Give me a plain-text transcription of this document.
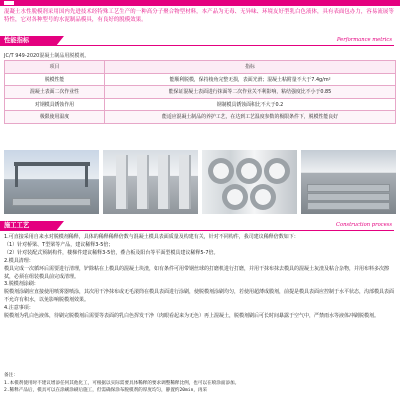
混凝土水性脱模剂采用国内先进技术经特殊工艺生产的一种高分子聚合物型材料，本产品为无毒、无异味、环境友好型乳白色液体，具有表面包办力，容易流展等特性，它对各种型号的水泥制品模具，有良好的脱模效果。
性能指标	Performance metrics
JC/T 949-2020混凝土制品用脱模剂。
项目	指标
脱模性能	能顺利脱模，保持棱角完整无损，表面光滑；混凝土粘附量不大于7.4g/m²
混凝土表面二次作业性	能保证混凝土表面进行抹面等二次作业关不利影响，粘结强度比不小于0.85
对钢模具锈蚀作用	钢制模具锈蚀面积比不大于0.2
极限使用温度	能适应混凝土制品的养护工艺，在达到工艺温度参数的极限条件下，脱模性能良好
施工工艺	Construction process

1.可直接采用自来水对脱模剂稀释，具体的稀释稀释倍数与混凝土模具表面质量及构建有关，针对不同构件，我司建议稀释倍数如下：

（1）针对桥梁、T型梁等产品，建议稀释3-5倍；

（2）针对装配式预制构件，楼梯件建议稀释3-5倍，叠合板及阳台等平面型模具建议稀释5-7倍。

2.模具清理：

模具完成一次循环后需要进行清理，铲除粘在上模具的混凝土块渣，如有条件可用带钢丝球的打磨机进行打磨，并用干抹布抹去模具的混凝土灰渣及粘合杂物，并用布料多次擦拭，必须在组装模具前完成清理。

3.脱模剂涂刷：

脱模剂涂刷应直接使用喷雾器喷涂，其次用干净抹布或无毛滚筒在模具表面进行涂刷，使脱模剂涂刷均匀，若使用超薄成膜剂，前提是模具表面应控制于水平状态，沟部模具表面不允许有积水，以免影响脱模剂效果。

4.注意事项：

脱模剂为乳白色液体，待刷完脱模剂后需要等表面的乳白色挥发干净（肉眼看起来为无色）再上混凝土，脱模剂刷后可长时间暴露于空气中，严禁雨水等液体冲刷脱模剂。

备注：

1.本模剂使用时不建议增添任何其他化工，可根据以实际需要具体稀释的要求调整稀释比例，也可以在喷涂面添加。

2.稀释产品后，模具可以在涂刷涂刷后施工，但需确保涂布脱模剂的厚度均匀，静置约20min，再采
